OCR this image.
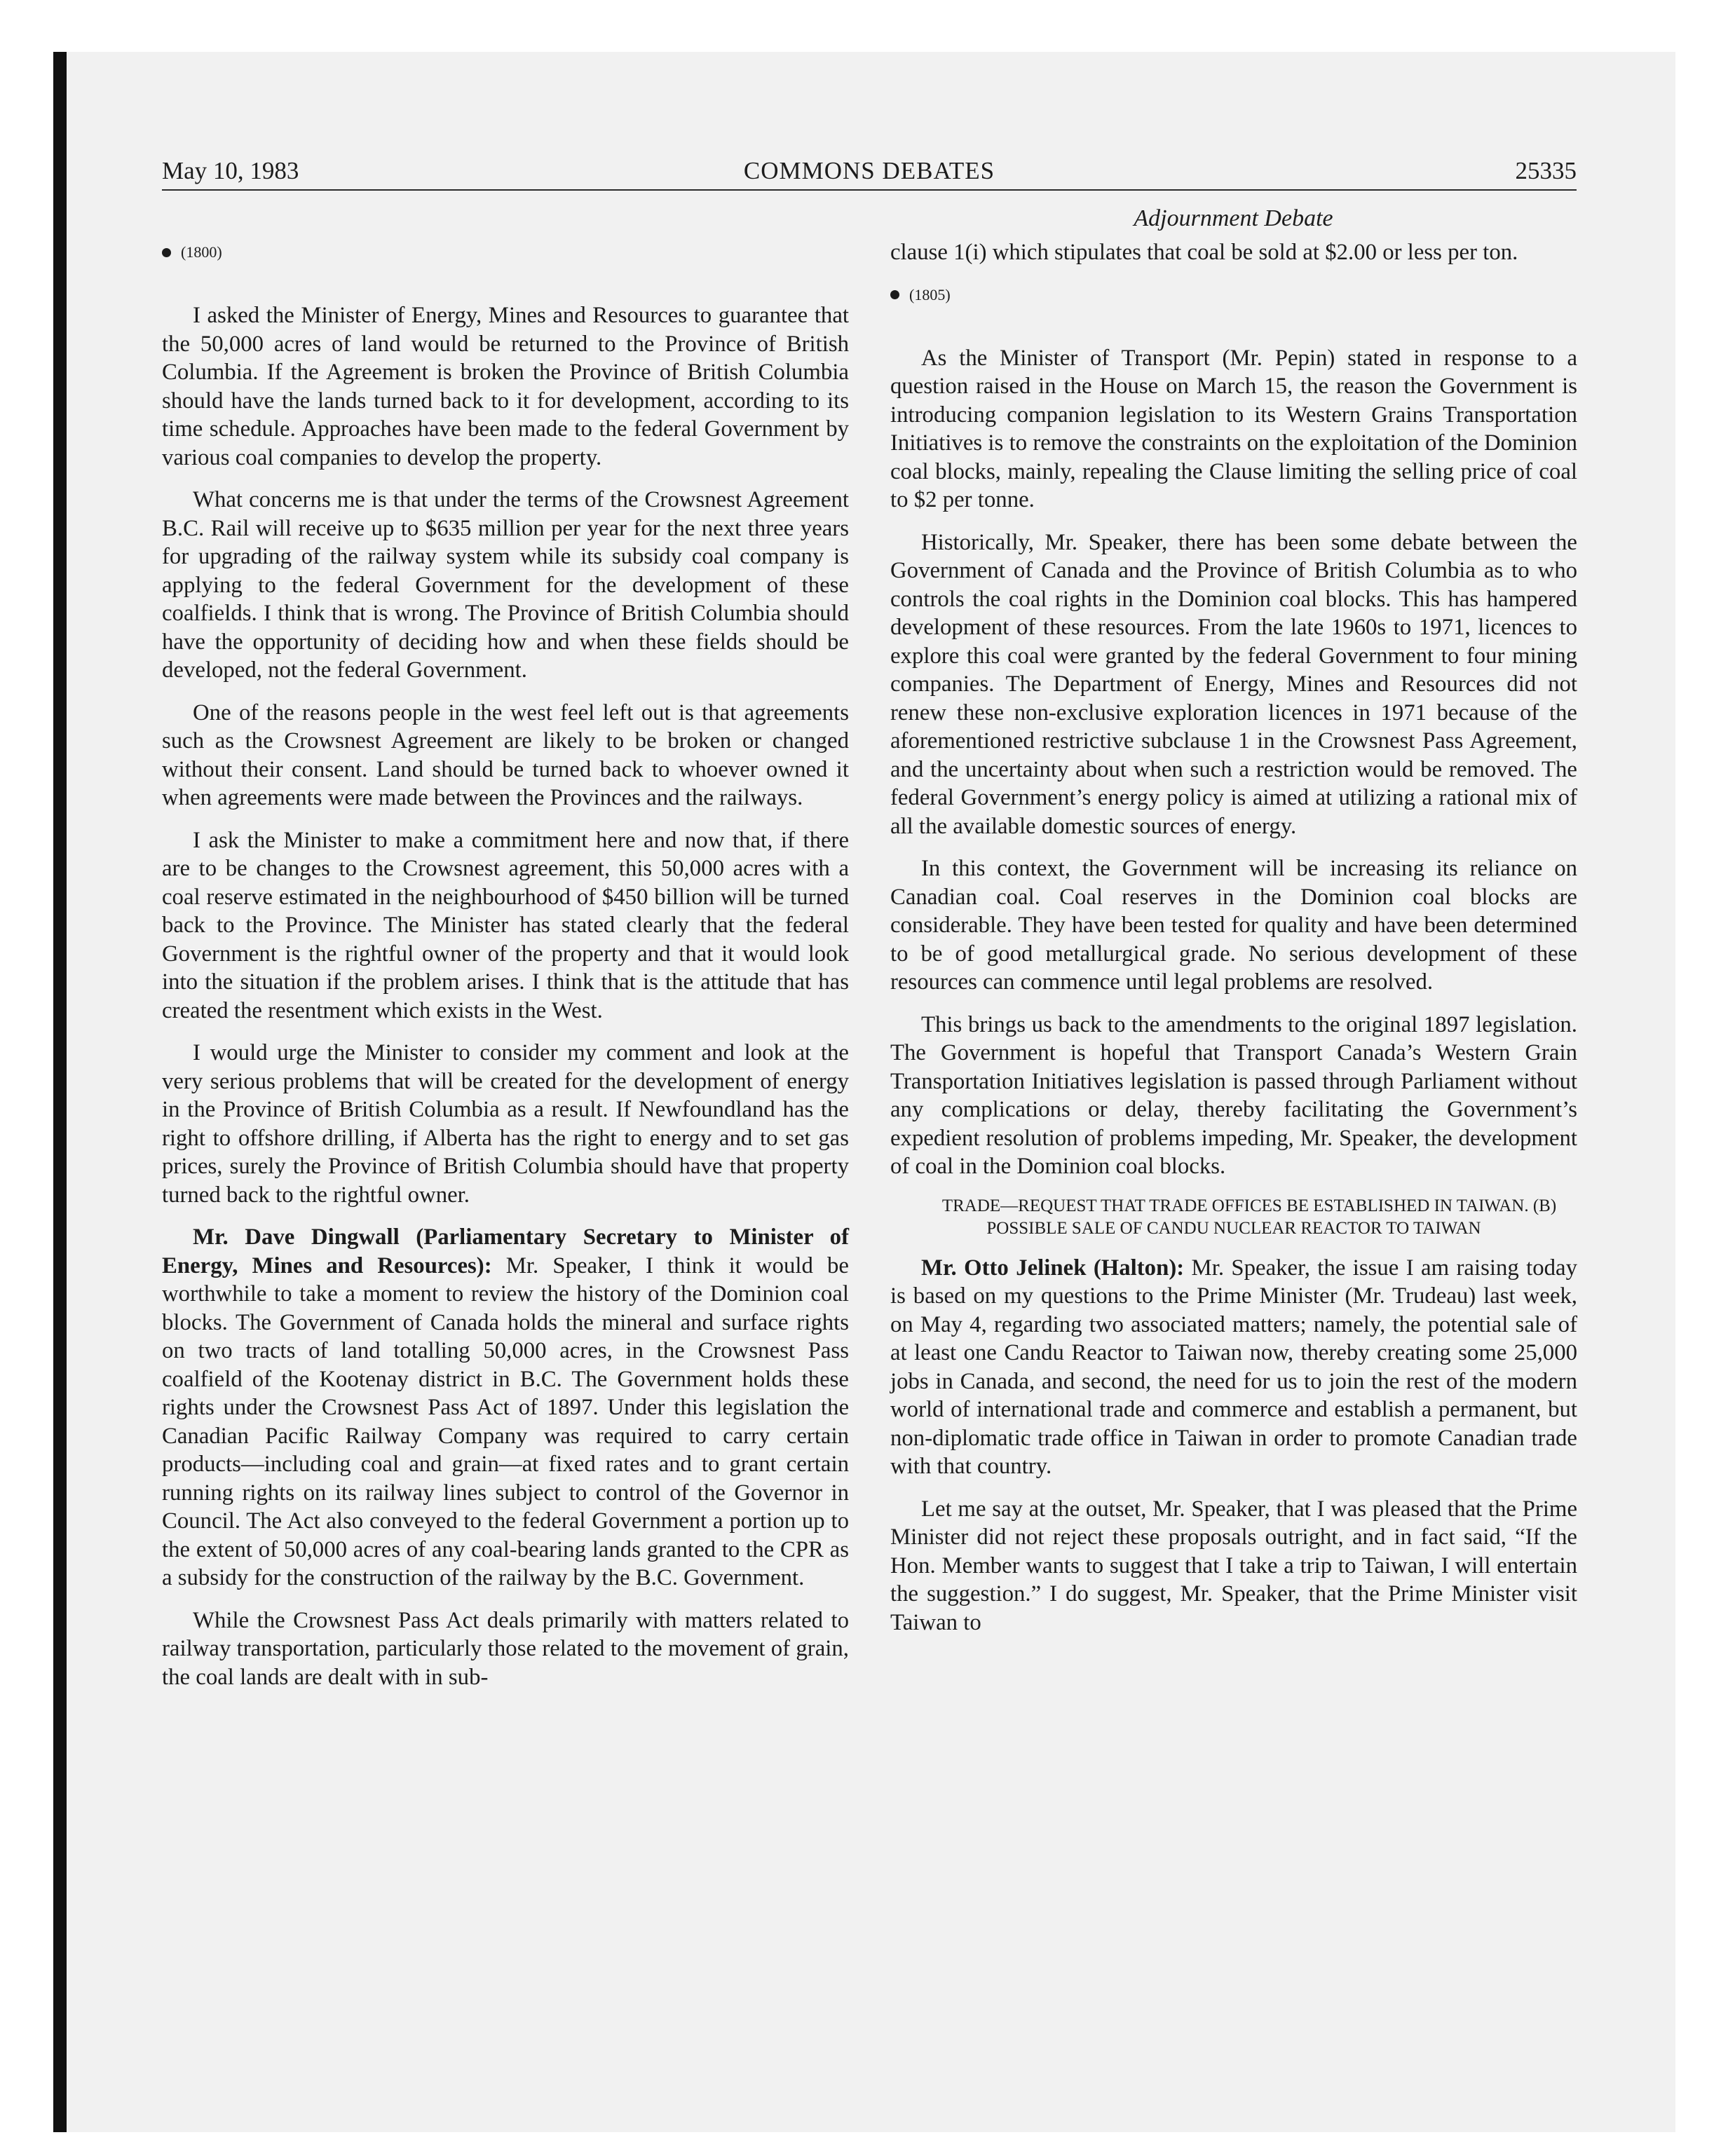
May 10, 1983	COMMONS DEBATES	25335
Adjournment Debate
(1800)

I asked the Minister of Energy, Mines and Resources to guarantee that the 50,000 acres of land would be returned to the Province of British Columbia. If the Agreement is broken the Province of British Columbia should have the lands turned back to it for development, according to its time schedule. Approaches have been made to the federal Government by various coal companies to develop the property.

What concerns me is that under the terms of the Crowsnest Agreement B.C. Rail will receive up to $635 million per year for the next three years for upgrading of the railway system while its subsidy coal company is applying to the federal Government for the development of these coalfields. I think that is wrong. The Province of British Columbia should have the opportunity of deciding how and when these fields should be developed, not the federal Government.

One of the reasons people in the west feel left out is that agreements such as the Crowsnest Agreement are likely to be broken or changed without their consent. Land should be turned back to whoever owned it when agreements were made between the Provinces and the railways.

I ask the Minister to make a commitment here and now that, if there are to be changes to the Crowsnest agreement, this 50,000 acres with a coal reserve estimated in the neighbourhood of $450 billion will be turned back to the Province. The Minister has stated clearly that the federal Government is the rightful owner of the property and that it would look into the situation if the problem arises. I think that is the attitude that has created the resentment which exists in the West.

I would urge the Minister to consider my comment and look at the very serious problems that will be created for the development of energy in the Province of British Columbia as a result. If Newfoundland has the right to offshore drilling, if Alberta has the right to energy and to set gas prices, surely the Province of British Columbia should have that property turned back to the rightful owner.

Mr. Dave Dingwall (Parliamentary Secretary to Minister of Energy, Mines and Resources): Mr. Speaker, I think it would be worthwhile to take a moment to review the history of the Dominion coal blocks. The Government of Canada holds the mineral and surface rights on two tracts of land totalling 50,000 acres, in the Crowsnest Pass coalfield of the Kootenay district in B.C. The Government holds these rights under the Crowsnest Pass Act of 1897. Under this legislation the Canadian Pacific Railway Company was required to carry certain products—including coal and grain—at fixed rates and to grant certain running rights on its railway lines subject to control of the Governor in Council. The Act also conveyed to the federal Government a portion up to the extent of 50,000 acres of any coal-bearing lands granted to the CPR as a subsidy for the construction of the railway by the B.C. Government.

While the Crowsnest Pass Act deals primarily with matters related to railway transportation, particularly those related to the movement of grain, the coal lands are dealt with in sub-

clause 1(i) which stipulates that coal be sold at $2.00 or less per ton.

(1805)

As the Minister of Transport (Mr. Pepin) stated in response to a question raised in the House on March 15, the reason the Government is introducing companion legislation to its Western Grains Transportation Initiatives is to remove the constraints on the exploitation of the Dominion coal blocks, mainly, repealing the Clause limiting the selling price of coal to $2 per tonne.

Historically, Mr. Speaker, there has been some debate between the Government of Canada and the Province of British Columbia as to who controls the coal rights in the Dominion coal blocks. This has hampered development of these resources. From the late 1960s to 1971, licences to explore this coal were granted by the federal Government to four mining companies. The Department of Energy, Mines and Resources did not renew these non-exclusive exploration licences in 1971 because of the aforementioned restrictive subclause 1 in the Crowsnest Pass Agreement, and the uncertainty about when such a restriction would be removed. The federal Government’s energy policy is aimed at utilizing a rational mix of all the available domestic sources of energy.

In this context, the Government will be increasing its reliance on Canadian coal. Coal reserves in the Dominion coal blocks are considerable. They have been tested for quality and have been determined to be of good metallurgical grade. No serious development of these resources can commence until legal problems are resolved.

This brings us back to the amendments to the original 1897 legislation. The Government is hopeful that Transport Canada’s Western Grain Transportation Initiatives legislation is passed through Parliament without any complications or delay, thereby facilitating the Government’s expedient resolution of problems impeding, Mr. Speaker, the development of coal in the Dominion coal blocks.

TRADE—REQUEST THAT TRADE OFFICES BE ESTABLISHED IN TAIWAN. (B) POSSIBLE SALE OF CANDU NUCLEAR REACTOR TO TAIWAN

Mr. Otto Jelinek (Halton): Mr. Speaker, the issue I am raising today is based on my questions to the Prime Minister (Mr. Trudeau) last week, on May 4, regarding two associated matters; namely, the potential sale of at least one Candu Reactor to Taiwan now, thereby creating some 25,000 jobs in Canada, and second, the need for us to join the rest of the modern world of international trade and commerce and establish a permanent, but non-diplomatic trade office in Taiwan in order to promote Canadian trade with that country.

Let me say at the outset, Mr. Speaker, that I was pleased that the Prime Minister did not reject these proposals outright, and in fact said, “If the Hon. Member wants to suggest that I take a trip to Taiwan, I will entertain the suggestion.” I do suggest, Mr. Speaker, that the Prime Minister visit Taiwan to
